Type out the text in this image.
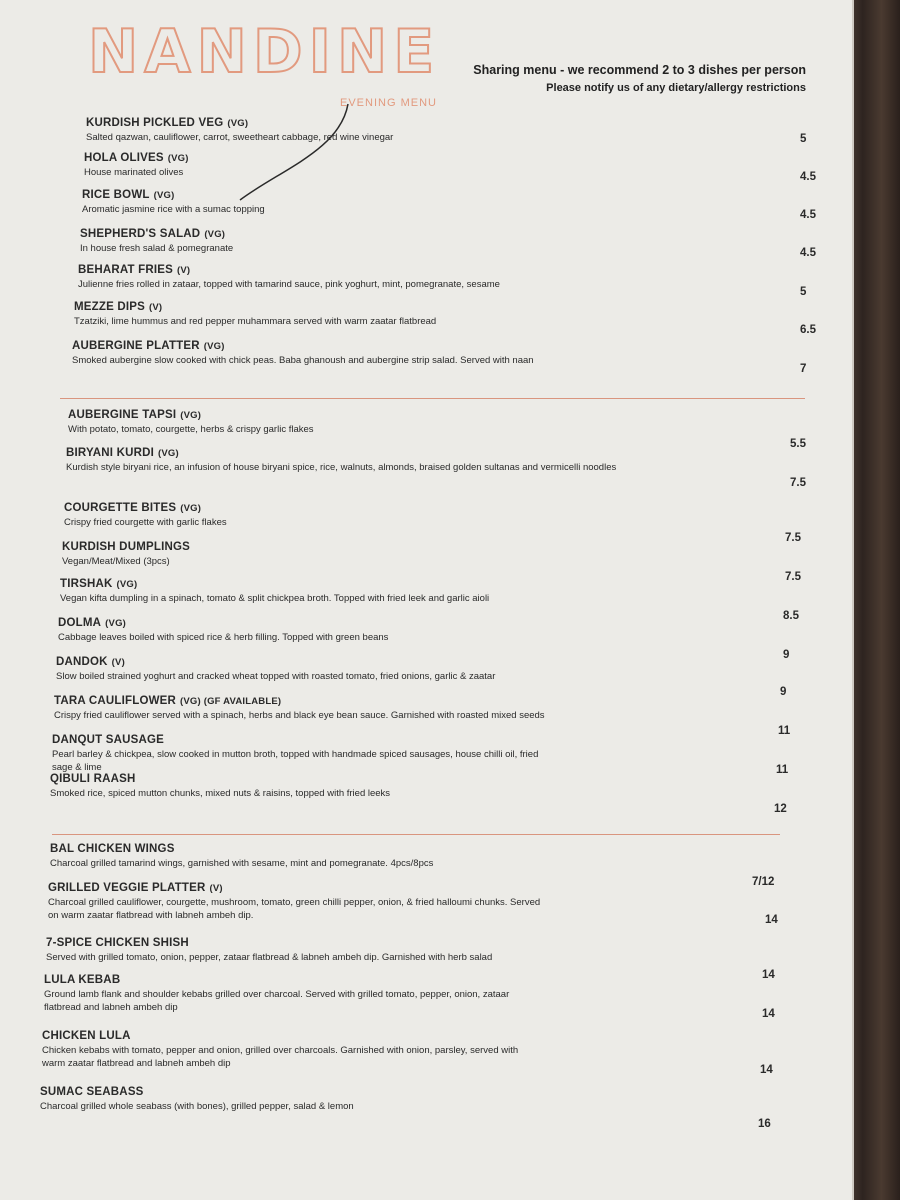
NANDINE
EVENING MENU
Sharing menu - we recommend 2 to 3 dishes per person
Please notify us of any dietary/allergy restrictions
KURDISH PICKLED VEG (VG)
Salted qazwan, cauliflower, carrot, sweetheart cabbage, red wine vinegar	5
HOLA OLIVES (VG)
House marinated olives	4.5
RICE BOWL (VG)
Aromatic jasmine rice with a sumac topping	4.5
SHEPHERD'S SALAD (VG)
In house fresh salad & pomegranate	4.5
BEHARAT FRIES (V)
Julienne fries rolled in zataar, topped with tamarind sauce, pink yoghurt, mint, pomegranate, sesame
5
MEZZE DIPS (V)
Tzatziki, lime hummus and red pepper muhammara served with warm zaatar flatbread
6.5
AUBERGINE PLATTER (VG)
Smoked aubergine slow cooked with chick peas. Baba ghanoush and aubergine strip salad. Served with naan
7
AUBERGINE TAPSI (VG)
With potato, tomato, courgette, herbs & crispy garlic flakes
5.5
BIRYANI KURDI (VG)
Kurdish style biryani rice, an infusion of house biryani spice, rice, walnuts, almonds, braised golden sultanas and vermicelli noodles
7.5
COURGETTE BITES (VG)
Crispy fried courgette with garlic flakes
7.5
KURDISH DUMPLINGS
Vegan/Meat/Mixed (3pcs)
7.5
TIRSHAK (VG)
Vegan kifta dumpling in a spinach, tomato & split chickpea broth. Topped with fried leek and garlic aioli
8.5
DOLMA (VG)
Cabbage leaves boiled with spiced rice & herb filling. Topped with green beans
9
DANDOK (V)
Slow boiled strained yoghurt and cracked wheat topped with roasted tomato, fried onions, garlic & zaatar
9
TARA CAULIFLOWER (VG) (GF AVAILABLE)
Crispy fried cauliflower served with a spinach, herbs and black eye bean sauce. Garnished with roasted mixed seeds
11
DANQUT SAUSAGE
Pearl barley & chickpea, slow cooked in mutton broth, topped with handmade spiced sausages, house chilli oil, fried sage & lime	11
QIBULI RAASH
Smoked rice, spiced mutton chunks, mixed nuts & raisins, topped with fried leeks
12
BAL CHICKEN WINGS
Charcoal grilled tamarind wings, garnished with sesame, mint and pomegranate. 4pcs/8pcs
7/12
GRILLED VEGGIE PLATTER (V)
Charcoal grilled cauliflower, courgette, mushroom, tomato, green chilli pepper, onion, & fried halloumi chunks. Served on warm zaatar flatbread with labneh ambeh dip.	14
7-SPICE CHICKEN SHISH
Served with grilled tomato, onion, pepper, zataar flatbread & labneh ambeh dip. Garnished with herb salad
14
LULA KEBAB
Ground lamb flank and shoulder kebabs grilled over charcoal. Served with grilled tomato, pepper, onion, zataar flatbread and labneh ambeh dip
14
CHICKEN LULA
Chicken kebabs with tomato, pepper and onion, grilled over charcoals. Garnished with onion, parsley, served with warm zaatar flatbread and labneh ambeh dip
14
SUMAC SEABASS
Charcoal grilled whole seabass (with bones), grilled pepper, salad & lemon
16
